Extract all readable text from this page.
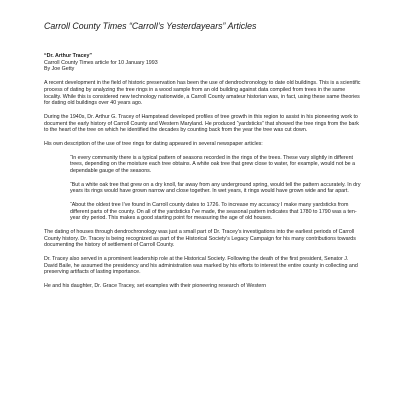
Carroll County Times “Carroll’s Yesterdayears” Articles

“Dr. Arthur Tracey”

Carroll County Times article for 10 January 1993

By Joe Getty

A recent development in the field of historic preservation has been the use of dendrochronology to date old buildings. This is a scientific process of dating by analyzing the tree rings in a wood sample from an old building against data compiled from trees in the same locality. While this is considered new technology nationwide, a Carroll County amateur historian was, in fact, using these same theories for dating old buildings over 40 years ago.

During the 1940s, Dr. Arthur G. Tracey of Hampstead developed profiles of tree growth in this region to assist in his pioneering work to document the early history of Carroll County and Western Maryland. He produced “yardsticks” that showed the tree rings from the bark to the heart of the tree on which he identified the decades by counting back from the year the tree was cut down.

His own description of the use of tree rings for dating appeared in several newspaper articles:

“In every community there is a typical pattern of seasons recorded in the rings of the trees. These vary slightly in different trees, depending on the moisture each tree obtains. A white oak tree that grew close to water, for example, would not be a dependable gauge of the seasons.

“But a white oak tree that grew on a dry knoll, far away from any underground spring, would tell the pattern accurately. In dry years its rings would have grown narrow and close together. In wet years, it rings would have grown wide and far apart.

“About the oldest tree I’ve found in Carroll county dates to 1726. To increase my accuracy I make many yardsticks from different parts of the county. On all of the yardsticks I’ve made, the seasonal pattern indicates that 1780 to 1790 was a ten-year dry period. This makes a good starting point for measuring the age of old houses.

The dating of houses through dendrochronology was just a small part of Dr. Tracey’s investigations into the earliest periods of Carroll County history. Dr. Tracey is being recognized as part of the Historical Society’s Legacy Campaign for his many contributions towards documenting the history of settlement of Carroll County.

Dr. Tracey also served in a prominent leadership role at the Historical Society. Following the death of the first president, Senator J. David Baile, he assumed the presidency and his administration was marked by his efforts to interest the entire county in collecting and preserving artifacts of lasting importance.

He and his daughter, Dr. Grace Tracey, set examples with their pioneering research of Western
